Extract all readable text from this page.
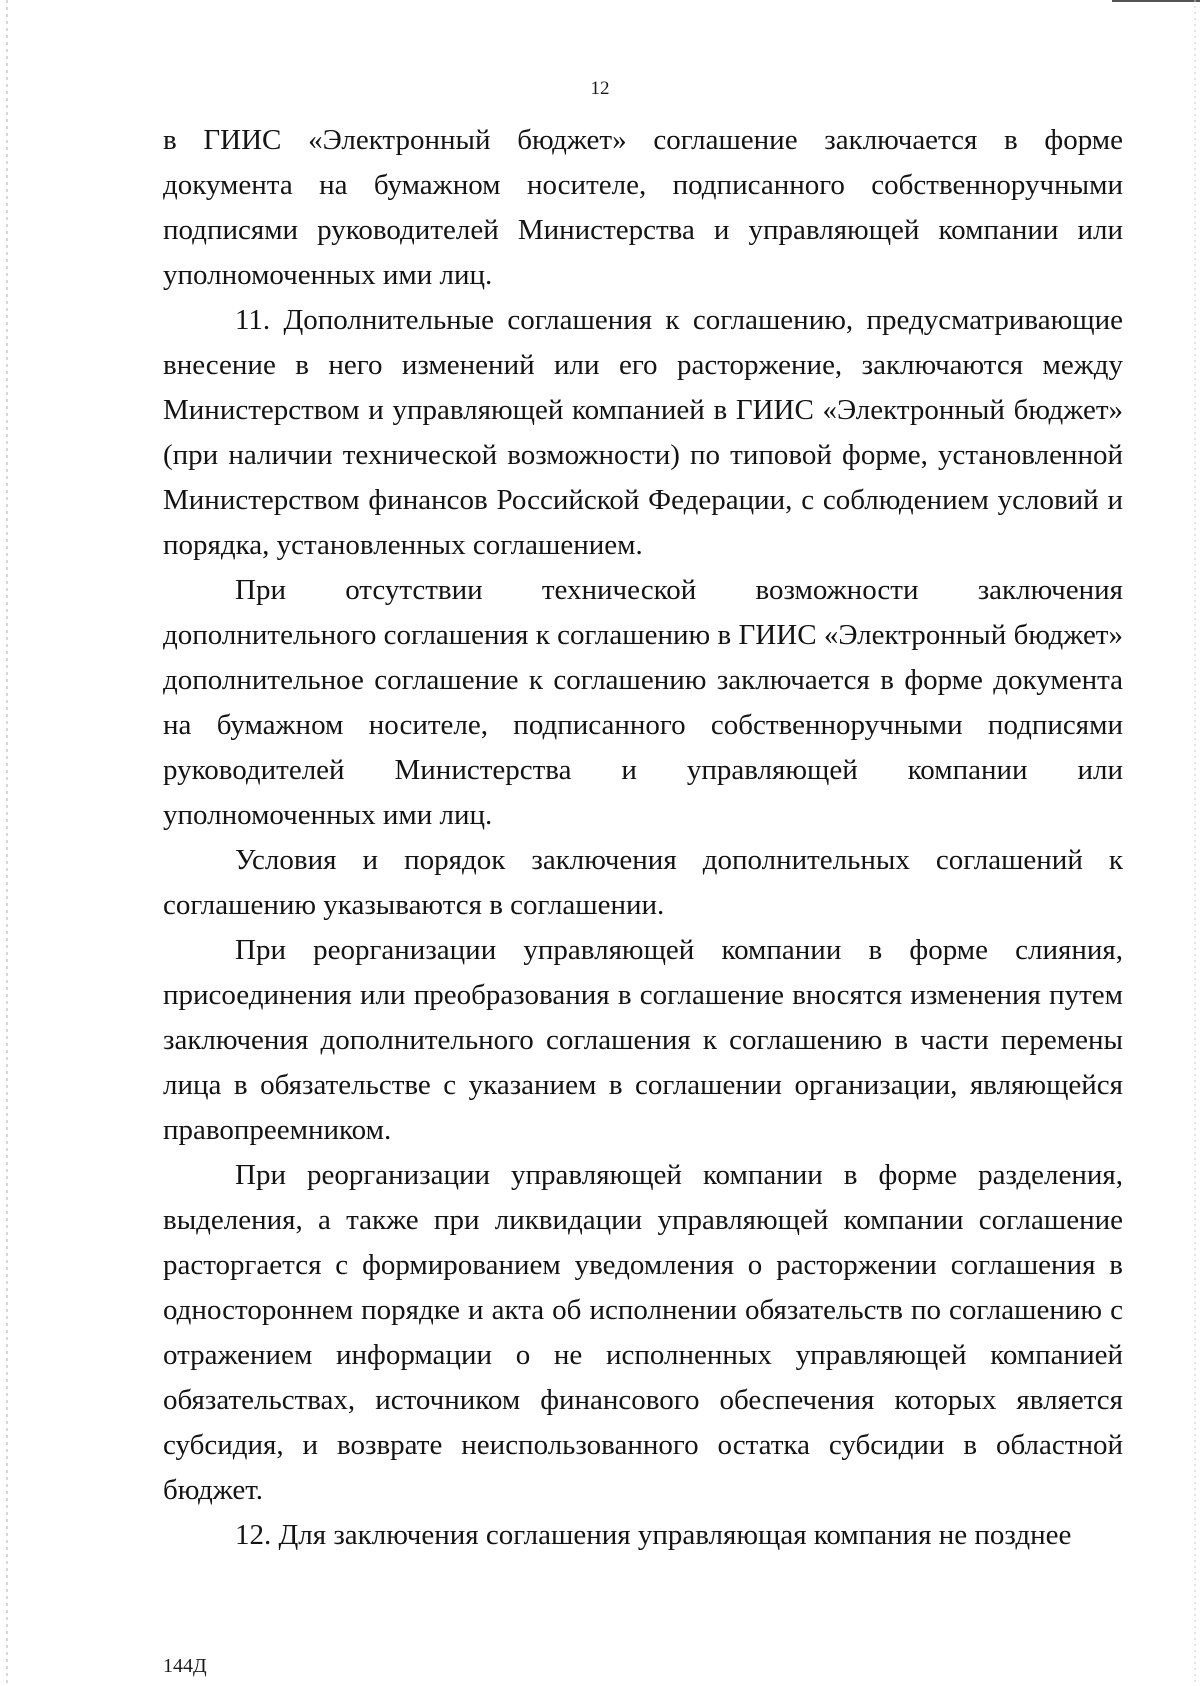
12

в ГИИС «Электронный бюджет» соглашение заключается в форме документа на бумажном носителе, подписанного собственноручными подписями руководителей Министерства и управляющей компании или уполномоченных ими лиц.

11. Дополнительные соглашения к соглашению, предусматривающие внесение в него изменений или его расторжение, заключаются между Министерством и управляющей компанией в ГИИС «Электронный бюджет» (при наличии технической возможности) по типовой форме, установленной Министерством финансов Российской Федерации, с соблюдением условий и порядка, установленных соглашением.

При отсутствии технической возможности заключения дополнительного соглашения к соглашению в ГИИС «Электронный бюджет» дополнительное соглашение к соглашению заключается в форме документа на бумажном носителе, подписанного собственноручными подписями руководителей Министерства и управляющей компании или уполномоченных ими лиц.

Условия и порядок заключения дополнительных соглашений к соглашению указываются в соглашении.

При реорганизации управляющей компании в форме слияния, присоединения или преобразования в соглашение вносятся изменения путем заключения дополнительного соглашения к соглашению в части перемены лица в обязательстве с указанием в соглашении организации, являющейся правопреемником.

При реорганизации управляющей компании в форме разделения, выделения, а также при ликвидации управляющей компании соглашение расторгается с формированием уведомления о расторжении соглашения в одностороннем порядке и акта об исполнении обязательств по соглашению с отражением информации о не исполненных управляющей компанией обязательствах, источником финансового обеспечения которых является субсидия, и возврате неиспользованного остатка субсидии в областной бюджет.

12. Для заключения соглашения управляющая компания не позднее

144Д
